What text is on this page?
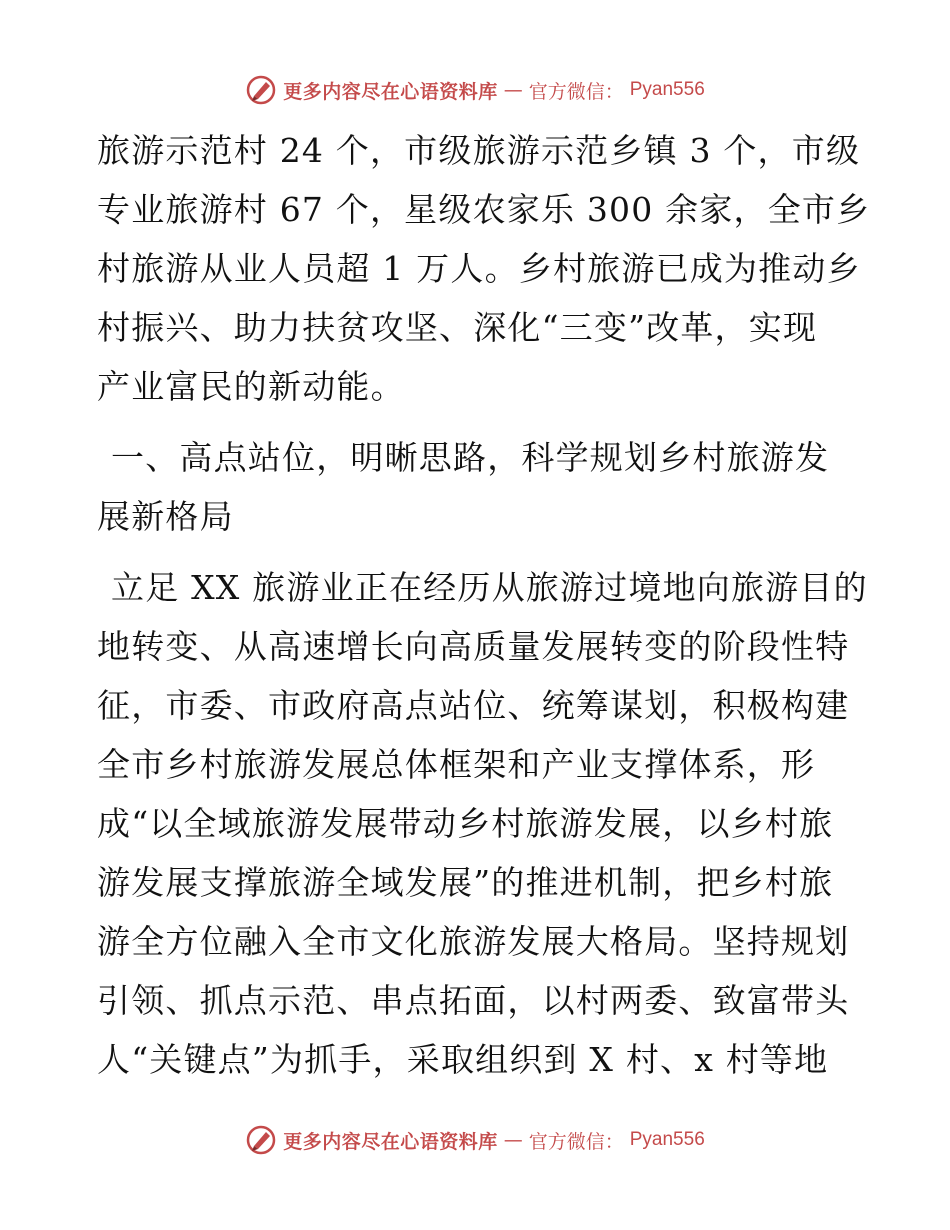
更多内容尽在心语资料库 — 官方微信： Pyan556
旅游示范村 24 个，市级旅游示范乡镇 3 个，市级
专业旅游村 67 个，星级农家乐 300 余家，全市乡
村旅游从业人员超 1 万人。乡村旅游已成为推动乡
村振兴、助力扶贫攻坚、深化“三变”改革，实现
产业富民的新动能。
一、高点站位，明晰思路，科学规划乡村旅游发
展新格局
立足 XX 旅游业正在经历从旅游过境地向旅游目的
地转变、从高速增长向高质量发展转变的阶段性特
征，市委、市政府高点站位、统筹谋划，积极构建
全市乡村旅游发展总体框架和产业支撑体系，形
成“以全域旅游发展带动乡村旅游发展，以乡村旅
游发展支撑旅游全域发展”的推进机制，把乡村旅
游全方位融入全市文化旅游发展大格局。坚持规划
引领、抓点示范、串点拓面，以村两委、致富带头
人“关键点”为抓手，采取组织到 X 村、x 村等地
更多内容尽在心语资料库 — 官方微信： Pyan556
